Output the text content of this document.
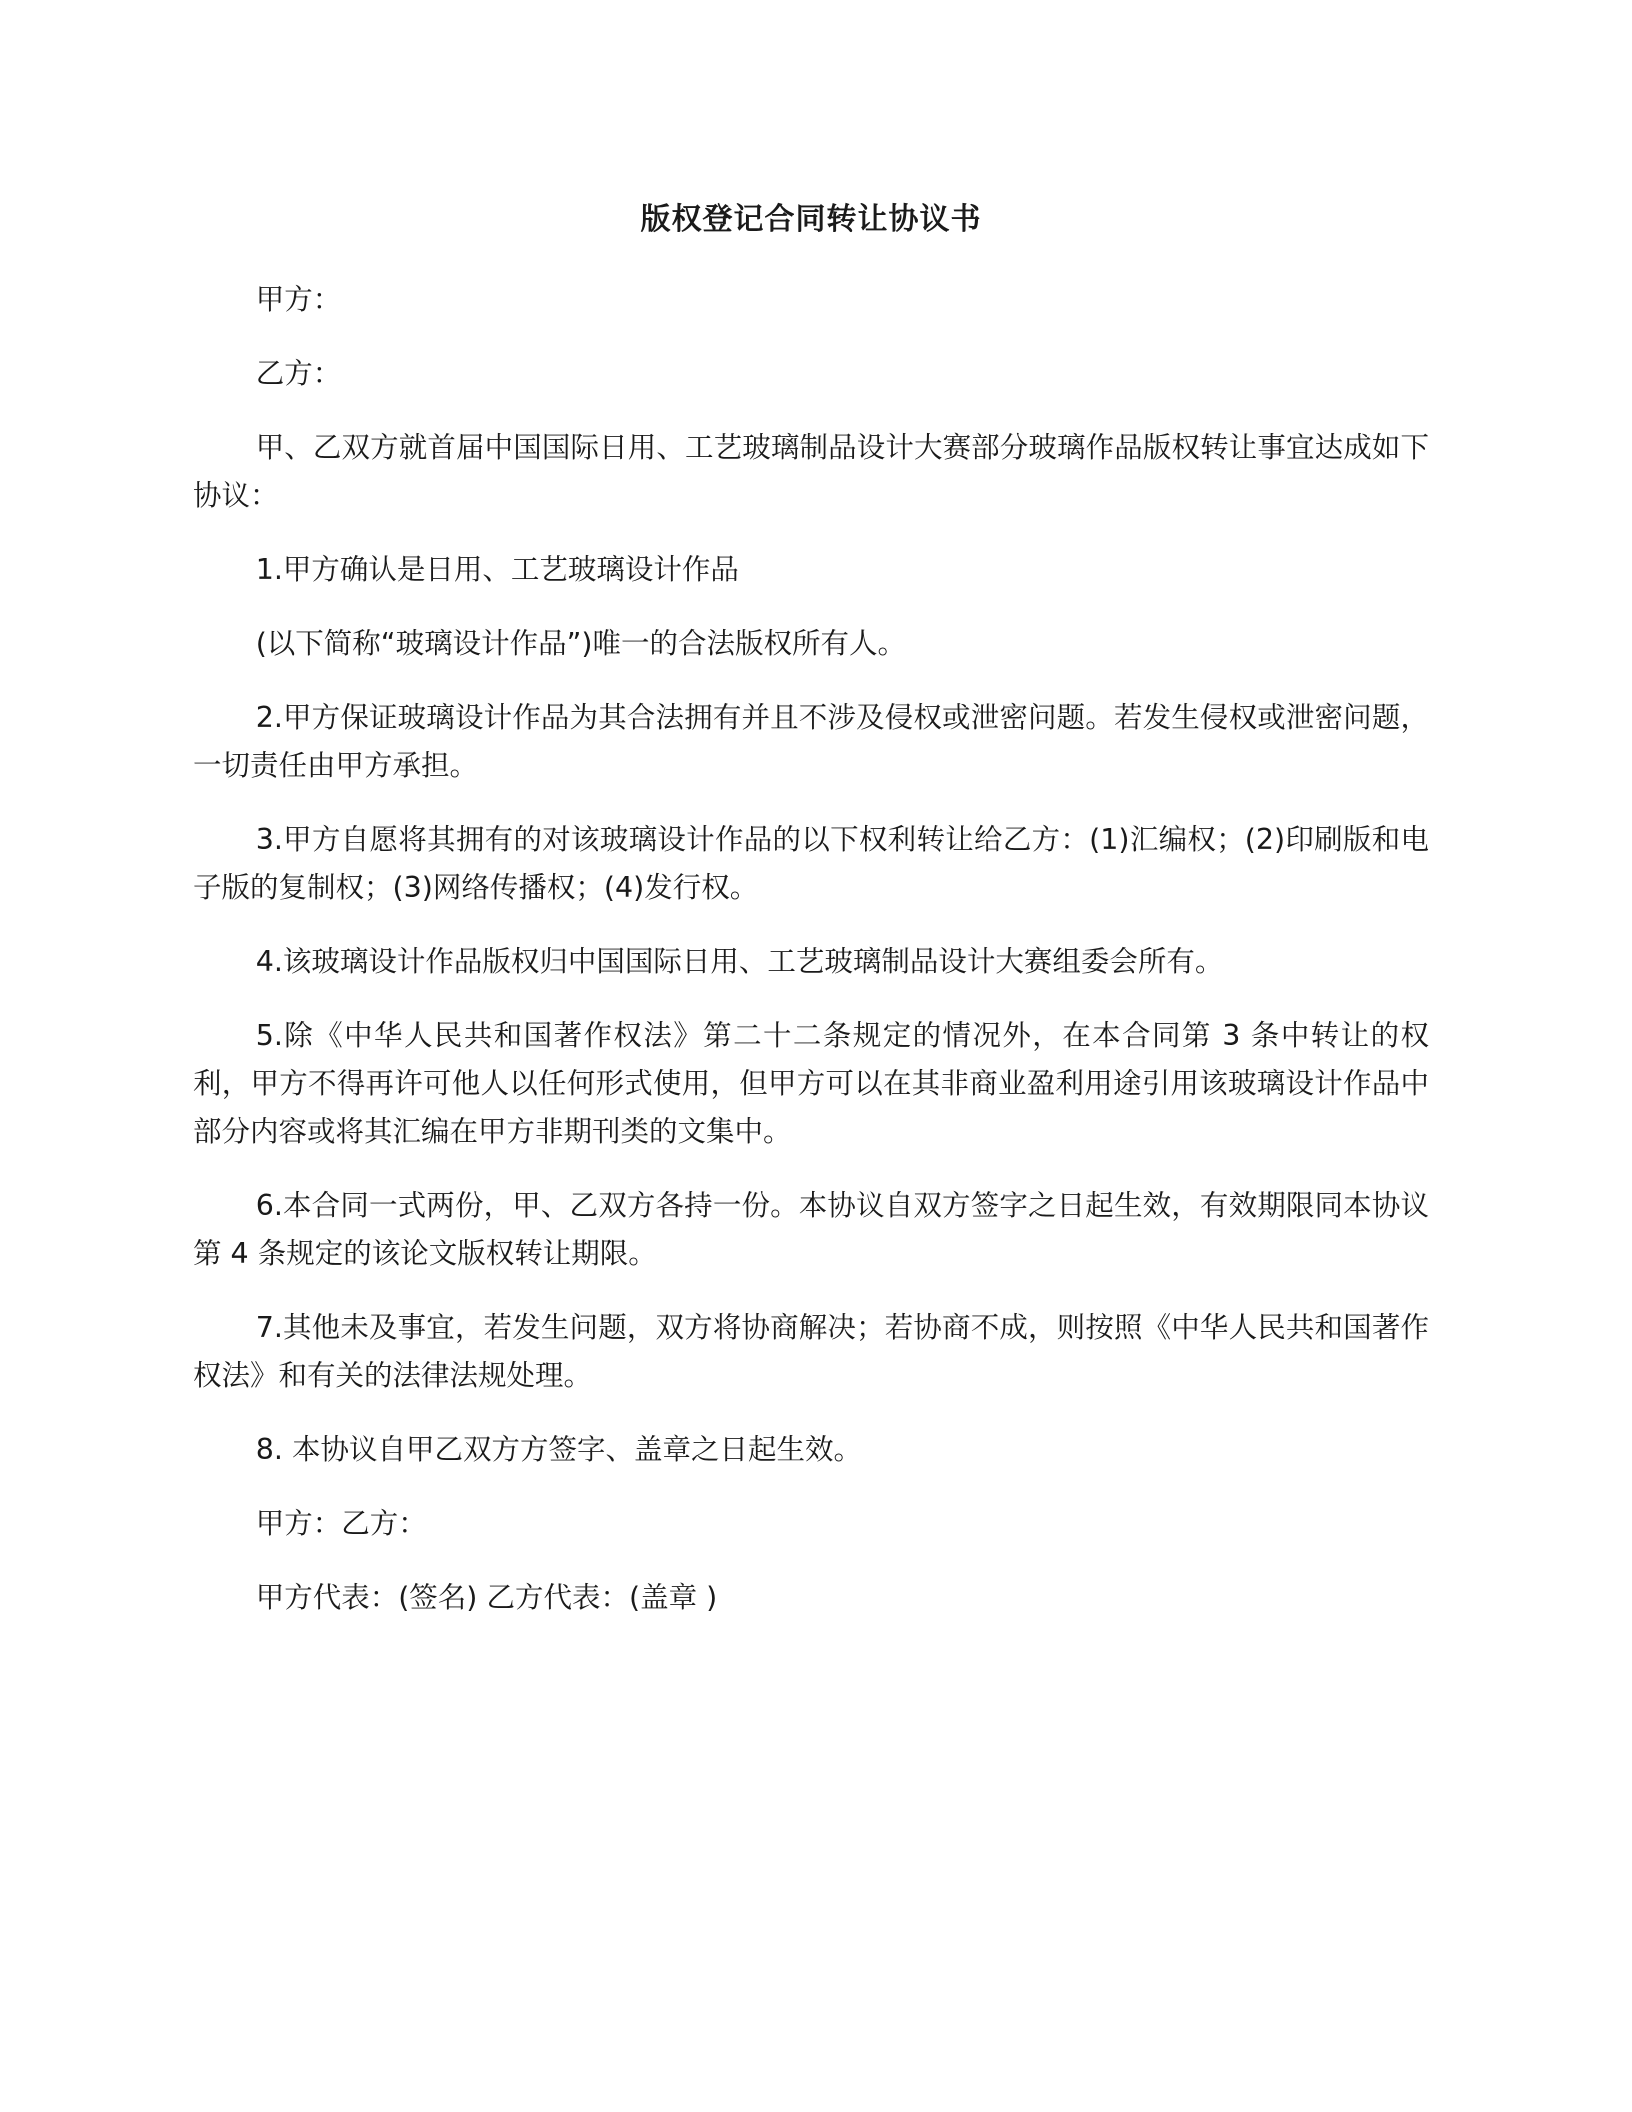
版权登记合同转让协议书

甲方：

乙方：

甲、乙双方就首届中国国际日用、工艺玻璃制品设计大赛部分玻璃作品版权转让事宜达成如下协议：

1.甲方确认是日用、工艺玻璃设计作品

(以下简称“玻璃设计作品”)唯一的合法版权所有人。

2.甲方保证玻璃设计作品为其合法拥有并且不涉及侵权或泄密问题。若发生侵权或泄密问题，一切责任由甲方承担。

3.甲方自愿将其拥有的对该玻璃设计作品的以下权利转让给乙方：(1)汇编权；(2)印刷版和电子版的复制权；(3)网络传播权；(4)发行权。

4.该玻璃设计作品版权归中国国际日用、工艺玻璃制品设计大赛组委会所有。

5.除《中华人民共和国著作权法》第二十二条规定的情况外，在本合同第 3 条中转让的权利，甲方不得再许可他人以任何形式使用，但甲方可以在其非商业盈利用途引用该玻璃设计作品中部分内容或将其汇编在甲方非期刊类的文集中。

6.本合同一式两份，甲、乙双方各持一份。本协议自双方签字之日起生效，有效期限同本协议第 4 条规定的该论文版权转让期限。

7.其他未及事宜，若发生问题，双方将协商解决；若协商不成，则按照《中华人民共和国著作权法》和有关的法律法规处理。

8. 本协议自甲乙双方方签字、盖章之日起生效。

甲方：乙方：

甲方代表：(签名) 乙方代表：(盖章 )
